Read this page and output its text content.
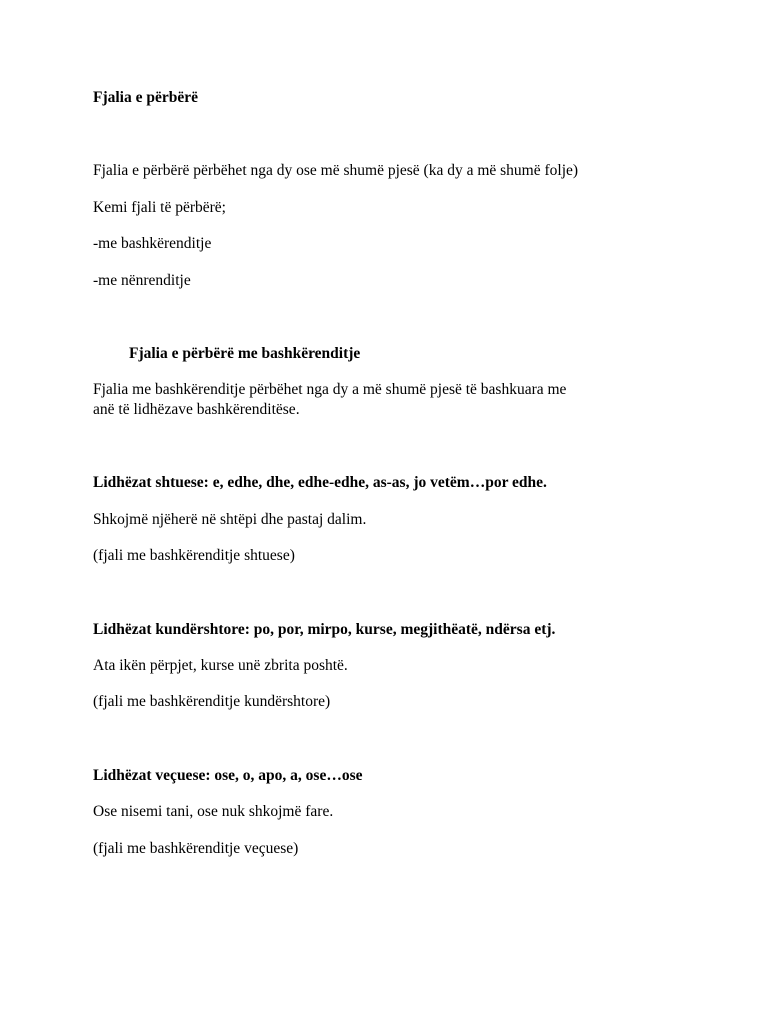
Fjalia e përbërë
Fjalia e përbërë përbëhet nga dy ose më shumë pjesë (ka dy a më shumë folje)
Kemi fjali të përbërë;
-me bashkërenditje
-me nënrenditje
Fjalia e përbërë me bashkërenditje
Fjalia me bashkërenditje përbëhet nga dy a më shumë pjesë të bashkuara me
anë të lidhëzave bashkërenditëse.
Lidhëzat shtuese: e, edhe, dhe, edhe-edhe, as-as, jo vetëm…por edhe.
Shkojmë njëherë në shtëpi dhe pastaj dalim.
(fjali me bashkërenditje shtuese)
Lidhëzat kundërshtore: po, por, mirpo, kurse, megjithëatë, ndërsa etj.
Ata ikën përpjet, kurse unë zbrita poshtë.
(fjali me bashkërenditje kundërshtore)
Lidhëzat veçuese: ose, o, apo, a, ose…ose
Ose nisemi tani, ose nuk shkojmë fare.
(fjali me bashkërenditje veçuese)
